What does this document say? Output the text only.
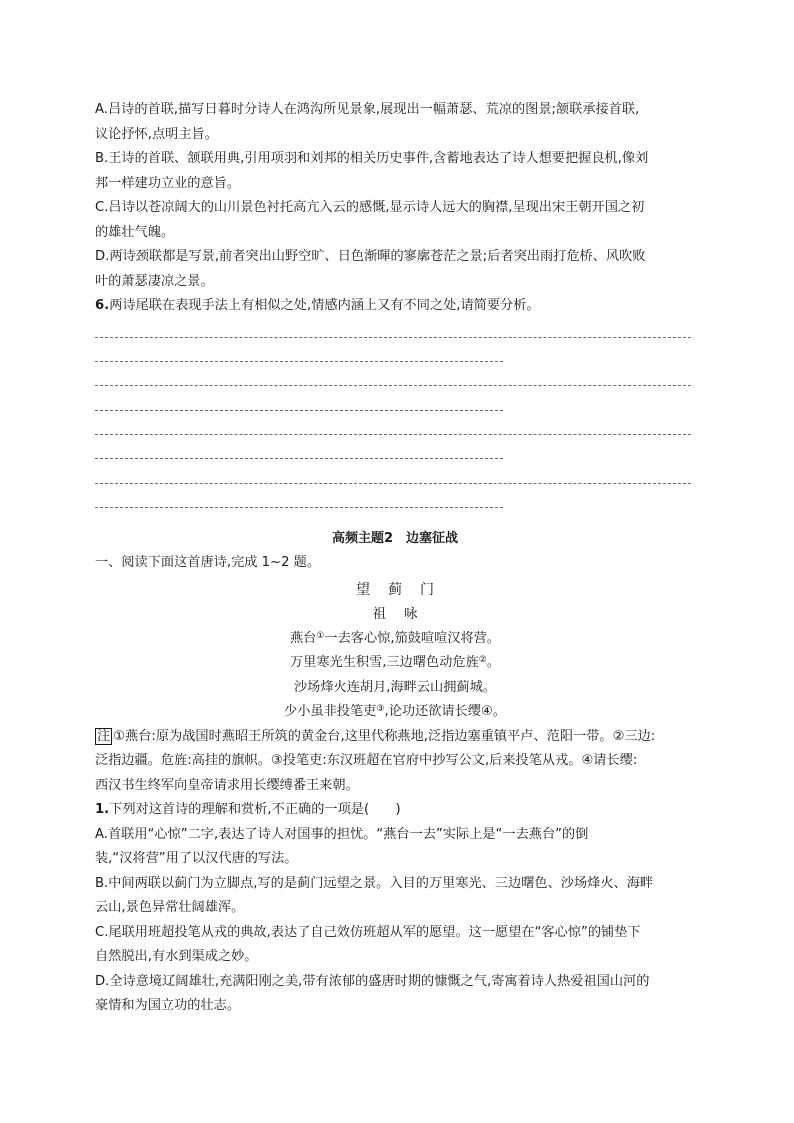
A.吕诗的首联,描写日暮时分诗人在鸿沟所见景象,展现出一幅萧瑟、荒凉的图景;颔联承接首联,

议论抒怀,点明主旨。

B.王诗的首联、颔联用典,引用项羽和刘邦的相关历史事件,含蓄地表达了诗人想要把握良机,像刘

邦一样建功立业的意旨。

C.吕诗以苍凉阔大的山川景色衬托高亢入云的感慨,显示诗人远大的胸襟,呈现出宋王朝开国之初

的雄壮气魄。

D.两诗颈联都是写景,前者突出山野空旷、日色渐暉的寥廓苍茫之景;后者突出雨打危桥、风吹败

叶的萧瑟凄凉之景。

6.两诗尾联在表现手法上有相似之处,情感内涵上又有不同之处,请简要分析。

高频主题2　边塞征战

一、阅读下面这首唐诗,完成 1~2 题。

望蓟门
祖咏
燕台①一去客心惊,笳鼓喧喧汉将营。
万里寒光生积雪,三边曙色动危旌②。
沙场烽火连胡月,海畔云山拥蓟城。
少小虽非投笔吏③,论功还欲请长缨④。

注 ①燕台:原为战国时燕昭王所筑的黄金台,这里代称燕地,泛指边塞重镇平卢、范阳一带。②三边:

泛指边疆。危旌:高挂的旗帜。③投笔吏:东汉班超在官府中抄写公文,后来投笔从戎。④请长缨:

西汉书生终军向皇帝请求用长缨缚番王来朝。

1.下列对这首诗的理解和赏析,不正确的一项是(　　)

A.首联用“心惊”二字,表达了诗人对国事的担忧。“燕台一去”实际上是“一去燕台”的倒

装,“汉将营”用了以汉代唐的写法。

B.中间两联以蓟门为立脚点,写的是蓟门远望之景。入目的万里寒光、三边曙色、沙场烽火、海畔

云山,景色异常壮阔雄浑。

C.尾联用班超投笔从戎的典故,表达了自己效仿班超从军的愿望。这一愿望在“客心惊”的铺垫下

自然脱出,有水到渠成之妙。

D.全诗意境辽阔雄壮,充满阳刚之美,带有浓郁的盛唐时期的慷慨之气,寄寓着诗人热爱祖国山河的

豪情和为国立功的壮志。
